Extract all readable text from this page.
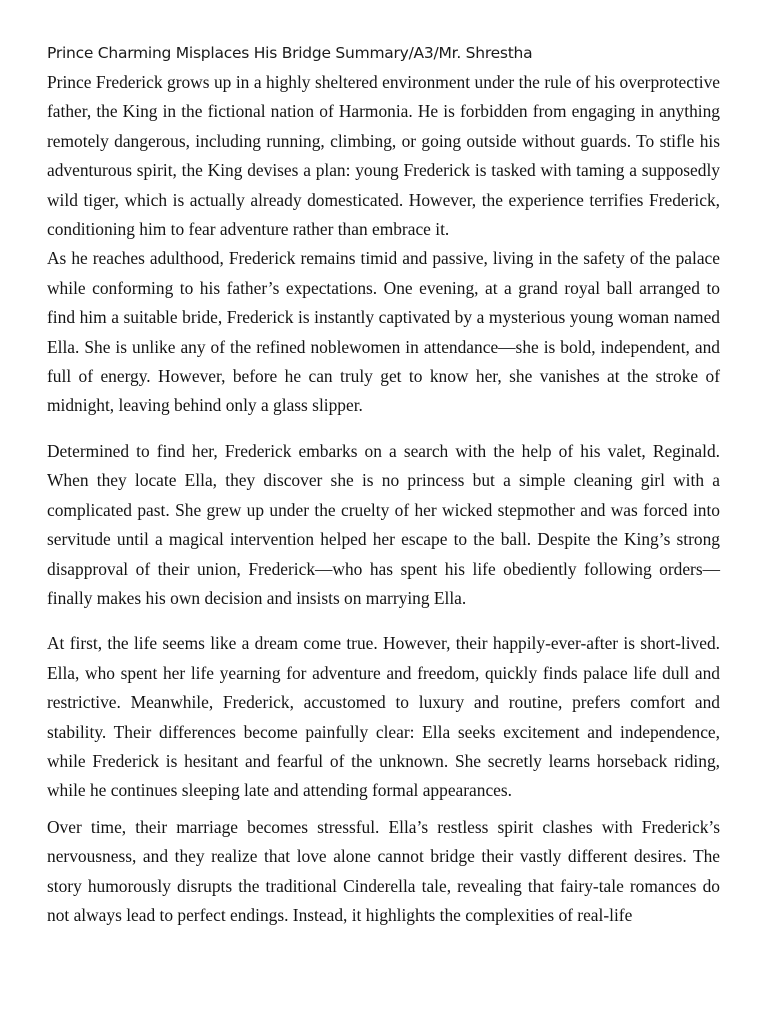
Prince Charming Misplaces His Bridge Summary/A3/Mr. Shrestha

Prince Frederick grows up in a highly sheltered environment under the rule of his overprotective father, the King in the fictional nation of Harmonia. He is forbidden from engaging in anything remotely dangerous, including running, climbing, or going outside without guards. To stifle his adventurous spirit, the King devises a plan: young Frederick is tasked with taming a supposedly wild tiger, which is actually already domesticated. However, the experience terrifies Frederick, conditioning him to fear adventure rather than embrace it.

As he reaches adulthood, Frederick remains timid and passive, living in the safety of the palace while conforming to his father’s expectations. One evening, at a grand royal ball arranged to find him a suitable bride, Frederick is instantly captivated by a mysterious young woman named Ella. She is unlike any of the refined noblewomen in attendance—she is bold, independent, and full of energy. However, before he can truly get to know her, she vanishes at the stroke of midnight, leaving behind only a glass slipper.

Determined to find her, Frederick embarks on a search with the help of his valet, Reginald. When they locate Ella, they discover she is no princess but a simple cleaning girl with a complicated past. She grew up under the cruelty of her wicked stepmother and was forced into servitude until a magical intervention helped her escape to the ball. Despite the King’s strong disapproval of their union, Frederick—who has spent his life obediently following orders—finally makes his own decision and insists on marrying Ella.

At first, the life seems like a dream come true. However, their happily-ever-after is short-lived. Ella, who spent her life yearning for adventure and freedom, quickly finds palace life dull and restrictive. Meanwhile, Frederick, accustomed to luxury and routine, prefers comfort and stability. Their differences become painfully clear: Ella seeks excitement and independence, while Frederick is hesitant and fearful of the unknown. She secretly learns horseback riding, while he continues sleeping late and attending formal appearances.

Over time, their marriage becomes stressful. Ella’s restless spirit clashes with Frederick’s nervousness, and they realize that love alone cannot bridge their vastly different desires. The story humorously disrupts the traditional Cinderella tale, revealing that fairy-tale romances do not always lead to perfect endings. Instead, it highlights the complexities of real-life
